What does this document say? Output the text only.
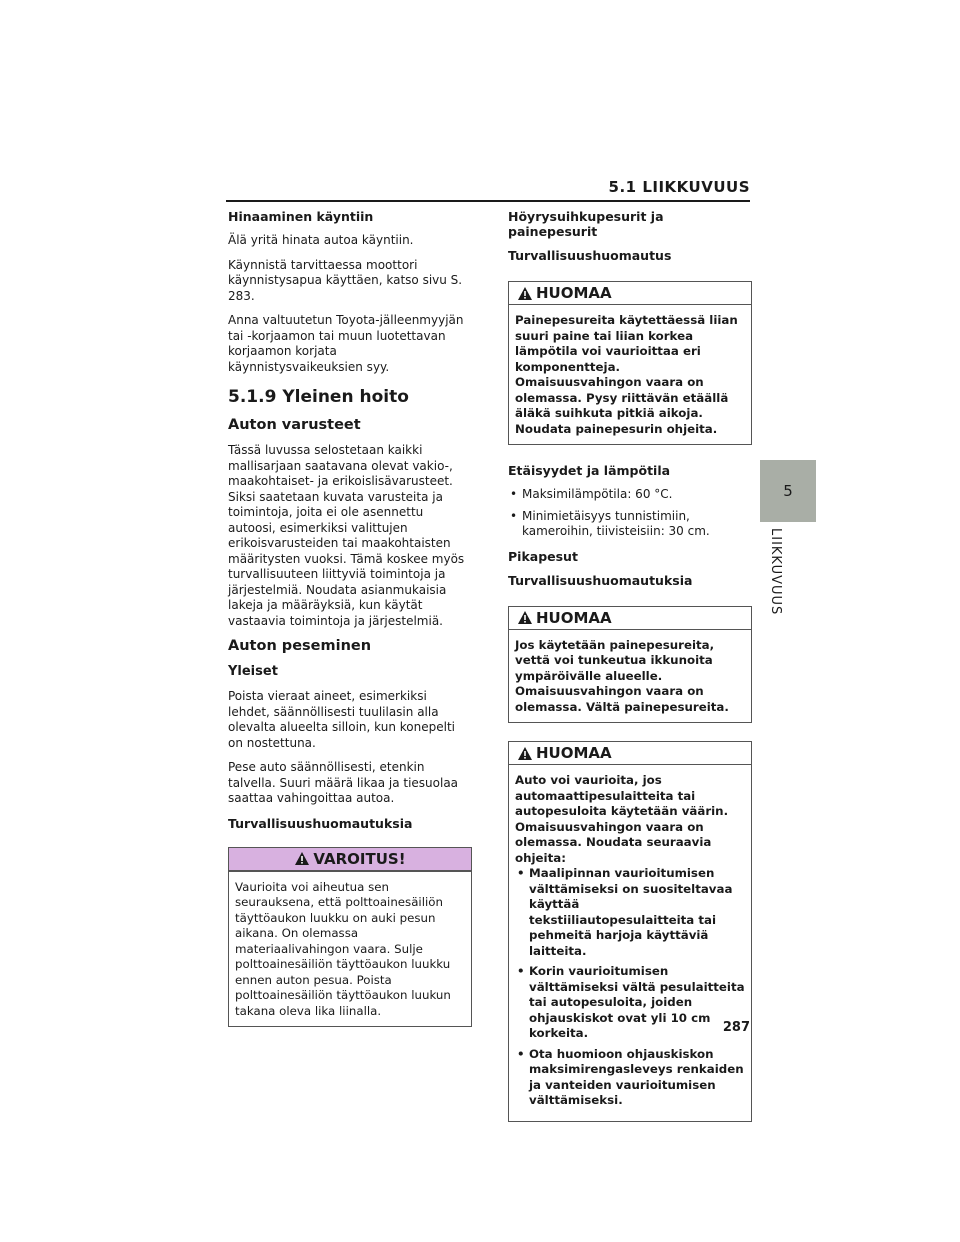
5.1 LIIKKUVUUS
Hinaaminen käyntiin

Älä yritä hinata autoa käyntiin.

Käynnistä tarvittaessa moottori käynnistysapua käyttäen, katso sivu S. 283.

Anna valtuutetun Toyota-jälleenmyyjän tai -korjaamon tai muun luotettavan korjaamon korjata käynnistysvaikeuksien syy.

5.1.9 Yleinen hoito
Auton varusteet

Tässä luvussa selostetaan kaikki mallisarjaan saatavana olevat vakio-, maakohtaiset- ja erikoislisävarusteet. Siksi saatetaan kuvata varusteita ja toimintoja, joita ei ole asennettu autoosi, esimerkiksi valittujen erikoisvarusteiden tai maakohtaisten määritysten vuoksi. Tämä koskee myös turvallisuuteen liittyviä toimintoja ja järjestelmiä. Noudata asianmukaisia lakeja ja määräyksiä, kun käytät vastaavia toimintoja ja järjestelmiä.

Auton peseminen
Yleiset

Poista vieraat aineet, esimerkiksi lehdet, säännöllisesti tuulilasin alla olevalta alueelta silloin, kun konepelti on nostettuna.

Pese auto säännöllisesti, etenkin talvella. Suuri määrä likaa ja tiesuolaa saattaa vahingoittaa autoa.

Turvallisuushuomautuksia
VAROITUS!
Vaurioita voi aiheutua sen seurauksena, että polttoainesäiliön täyttöaukon luukku on auki pesun aikana. On olemassa materiaalivahingon vaara. Sulje polttoainesäiliön täyttöaukon luukku ennen auton pesua. Poista polttoainesäiliön täyttöaukon luukun takana oleva lika liinalla.
Höyrysuihkupesurit ja painepesurit
Turvallisuushuomautus
HUOMAA
Painepesureita käytettäessä liian suuri paine tai liian korkea lämpötila voi vaurioittaa eri komponentteja. Omaisuusvahingon vaara on olemassa. Pysy riittävän etäällä äläkä suihkuta pitkiä aikoja. Noudata painepesurin ohjeita.
Etäisyydet ja lämpötila
• Maksimilämpötila: 60 °C.
• Minimietäisyys tunnistimiin, kameroihin, tiivisteisiin: 30 cm.
Pikapesut
Turvallisuushuomautuksia
HUOMAA
Jos käytetään painepesureita, vettä voi tunkeutua ikkunoita ympäröivälle alueelle. Omaisuusvahingon vaara on olemassa. Vältä painepesureita.
HUOMAA
Auto voi vaurioita, jos automaattipesulaitteita tai autopesuloita käytetään väärin. Omaisuusvahingon vaara on olemassa. Noudata seuraavia ohjeita:
• Maalipinnan vaurioitumisen välttämiseksi on suositeltavaa käyttää tekstiiliautopesulaitteita tai pehmeitä harjoja käyttäviä laitteita.
• Korin vaurioitumisen välttämiseksi vältä pesulaitteita tai autopesuloita, joiden ohjauskiskot ovat yli 10 cm korkeita.
• Ota huomioon ohjauskiskon maksimirengasleveys renkaiden ja vanteiden vaurioitumisen välttämiseksi.
5
LIIKKUVUUS
287
